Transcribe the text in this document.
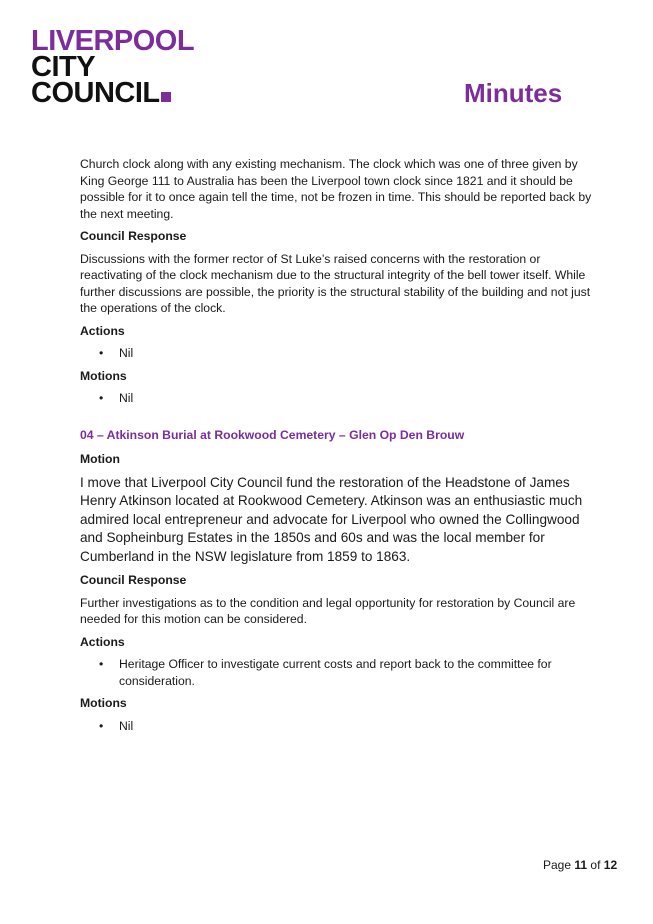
LIVERPOOL
CITY
COUNCIL	Minutes

Church clock along with any existing mechanism. The clock which was one of three given by King George 111 to Australia has been the Liverpool town clock since 1821 and it should be possible for it to once again tell the time, not be frozen in time. This should be reported back by the next meeting.

Council Response

Discussions with the former rector of St Luke’s raised concerns with the restoration or reactivating of the clock mechanism due to the structural integrity of the bell tower itself. While further discussions are possible, the priority is the structural stability of the building and not just the operations of the clock.

Actions

• Nil

Motions

• Nil

04 – Atkinson Burial at Rookwood Cemetery – Glen Op Den Brouw

Motion

I move that Liverpool City Council fund the restoration of the Headstone of James Henry Atkinson located at Rookwood Cemetery. Atkinson was an enthusiastic much admired local entrepreneur and advocate for Liverpool who owned the Collingwood and Sopheinburg Estates in the 1850s and 60s and was the local member for Cumberland in the NSW legislature from 1859 to 1863.

Council Response

Further investigations as to the condition and legal opportunity for restoration by Council are needed for this motion can be considered.

Actions

• Heritage Officer to investigate current costs and report back to the committee for consideration.

Motions

• Nil
Page 11 of 12
